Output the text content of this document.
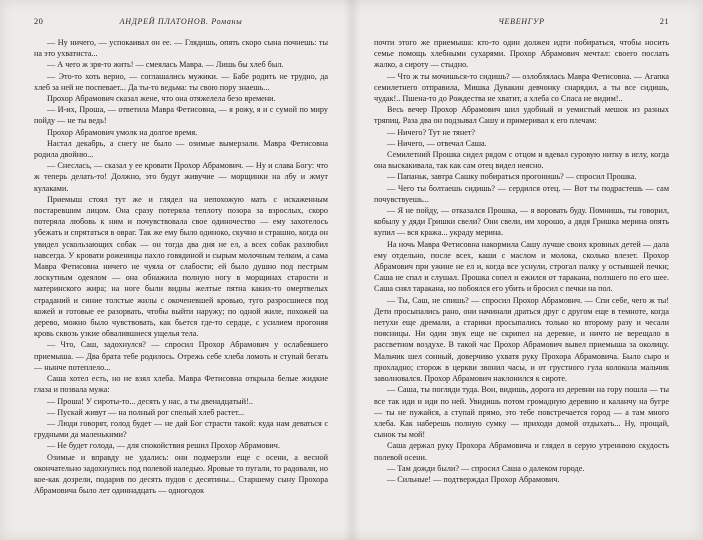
20	АНДРЕЙ ПЛАТОНОВ. Романы

— Ну ничего, — успокаивал он ее. — Глядишь, опять скоро сына почнешь: ты на это ухватиста...

— А чего ж зря-то жить! — смеялась Мавра. — Лишь бы хлеб был.

— Это-то хоть верно, — соглашались мужики. — Бабе родить не трудно, да хлеб за ней не поспевает... Да ты-то ведьма: ты свою пору знаешь...

Прохор Абрамович сказал жене, что она отяжелела безо времени.

— И-их, Проша, — ответила Мавра Фетисовна, — я рожу, я и с сумой по миру пойду — не ты ведь!

Прохор Абрамович умолк на долгое время.

Настал декабрь, а снегу не было — озимые вымерзали. Мавра Фетисовна родила двойню...

— Снеслась, — сказал у ее кровати Прохор Абрамович. — Ну и слава Богу: что ж теперь делать-то! Должно, это будут живучие — морщинки на лбу и жмут кулаками.

Приемыш стоял тут же и глядел на непохожую мать с искаженным постаревшим лицом. Она сразу потеряла теплоту позора за взрослых, скоро потеряла любовь к ним и почувствовала свое одиночество — ему захотелось убежать и спрятаться в овраг. Так же ему было одиноко, скучно и страшно, когда он увидел ускользающих собак — он тогда два дня не ел, а всех собак разлюбил навсегда. У кровати роженицы пахло говядиной и сырым молочным телком, а сама Мавра Фетисовна ничего не чуяла от слабости; ей было душно под пестрым лоскутным одеялом — она обнажила полную ногу в морщинах старости и материнского жира; на ноге были видны желтые пятна каких-то омертвелых страданий и синие толстые жилы с окоченевшей кровью, туго разросшиеся под кожей и готовые ее разорвать, чтобы выйти наружу; по одной жиле, похожей на дерево, можно было чувствовать, как бьется где-то сердце, с усилием прогоняя кровь сквозь узкие обвалившиеся ущелья тела.

— Что, Саш, задохнулся? — спросил Прохор Абрамович у ослабевшего приемыша. — Два брата тебе родилось. Отрежь себе хлеба ломоть и ступай бегать — нынче потеплело...

Саша хотел есть, но не взял хлеба. Мавра Фетисовна открыла белые жидкие глаза и позвала мужа:

— Проша! У сироты-то... десять у нас, а ты двенадцатый!..

— Пускай живут — на полный рог спелый хлеб растет...

— Люди говорят, голод будет — не дай Бог страсти такой: куда нам деваться с грудными да маленькими?

— Не будет голода, — для спокойствия решил Прохор Абрамович.

Озимые и вправду не удались: они подмерзли еще с осени, а весной окончательно задохнулись под полевой наледью. Яровые то пугали, то радовали, но кое-как дозрели, подарив по десять пудов с десятины... Старшему сыну Прохора Абрамовича было лет одиннадцать — одногодок

ЧЕВЕНГУР	21

почти этого же приемыша: кто-то один должен идти побираться, чтобы носить семье помощь хлебными сухарями. Прохор Абрамович мечтал: своего послать жалко, а сироту — стыдно.

— Что ж ты мочишься-то сидишь? — озлоблялась Мавра Фетисовна. — Агапка семилетнего отправила, Мишка Дувакин девчонку снарядил, а ты все сидишь, чудак!.. Пшена-то до Рождества не хватит, а хлеба со Спаса не видим!..

Весь вечер Прохор Абрамович шил удобный и уемистый мешок из разных тряпиц. Раза два он подзывал Сашу и примеривал к его плечам:

— Ничего? Тут не тянет?

— Ничего, — отвечал Саша.

Семилетний Прошка сидел рядом с отцом и вдевал суровую нитку в иглу, когда она выскакивала, так как сам отец видел неясно.

— Папаньк, завтра Сашку побираться прогонишь? — спросил Прошка.

— Чего ты болтаешь сидишь? — сердился отец. — Вот ты подрастешь — сам почувствуешь...

— Я не пойду, — отказался Прошка, — я воровать буду. Помнишь, ты говорил, кобылу у дяди Гришки свели? Они свели, им хорошо, а дядя Гришка мерина опять купил — вся кража... украду мерина.

На ночь Мавра Фетисовна накормила Сашу лучше своих кровных детей — дала ему отдельно, после всех, каши с маслом и молока, сколько влезет. Прохор Абрамович при ужине не ел и, когда все уснули, строгал палку у остывшей печки; Саша не спал и слушал. Прошка сопел и ежился от таракана, ползшего по его шее. Саша снял таракана, но побоялся его убить и бросил с печки на пол.

— Ты, Саш, не спишь? — спросил Прохор Абрамович. — Спи себе, чего ж ты! Дети просыпались рано, они начинали драться друг с другом еще в темноте, когда петухи еще дремали, а старики просыпались только ко второму разу и чесали поясницы. Ни один звук еще не скрипел на деревне, и ничто не верещало в рассветном воздухе. В такой час Прохор Абрамович вывел приемыша за околицу. Мальчик шел сонный, доверчиво ухватя руку Прохора Абрамовича. Было сыро и прохладно; сторож в церкви звонил часы, и от грустного гула колокола мальчик заволновался. Прохор Абрамович наклонился к сироте.

— Саша, ты погляди туда. Вон, видишь, дорога из деревни на гору пошла — ты все так иди и иди по ней. Увидишь потом громадную деревню и каланчу на бугре — ты не пужайся, а ступай прямо, это тебе повстречается город — а там много хлеба. Как наберешь полную сумку — приходи домой отдыхать... Ну, прощай, сынок ты мой!

Саша держал руку Прохора Абрамовича и глядел в серую утреннюю скудость полевой осени.

— Там дожди были? — спросил Саша о далеком городе.

— Сильные! — подтверждал Прохор Абрамович.
